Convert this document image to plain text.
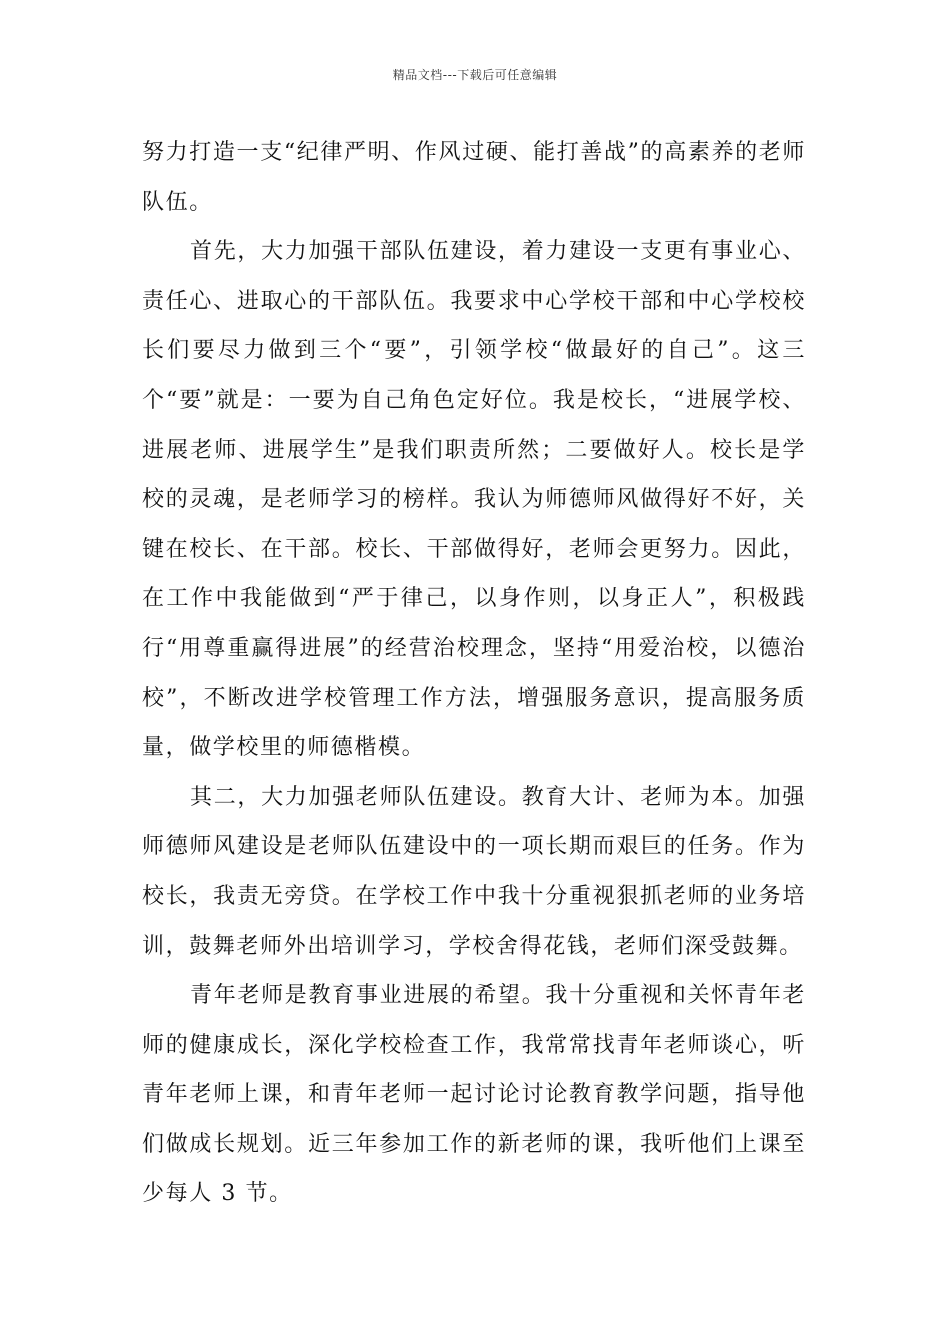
精品文档---下载后可任意编辑

努力打造一支“纪律严明、作风过硬、能打善战”的高素养的老师队伍。

首先，大力加强干部队伍建设，着力建设一支更有事业心、责任心、进取心的干部队伍。我要求中心学校干部和中心学校校长们要尽力做到三个“要”，引领学校“做最好的自己”。这三个“要”就是：一要为自己角色定好位。我是校长，“进展学校、进展老师、进展学生”是我们职责所然；二要做好人。校长是学校的灵魂，是老师学习的榜样。我认为师德师风做得好不好，关键在校长、在干部。校长、干部做得好，老师会更努力。因此，在工作中我能做到“严于律己，以身作则，以身正人”，积极践行“用尊重赢得进展”的经营治校理念，坚持“用爱治校，以德治校”，不断改进学校管理工作方法，增强服务意识，提高服务质量，做学校里的师德楷模。

其二，大力加强老师队伍建设。教育大计、老师为本。加强师德师风建设是老师队伍建设中的一项长期而艰巨的任务。作为校长，我责无旁贷。在学校工作中我十分重视狠抓老师的业务培训，鼓舞老师外出培训学习，学校舍得花钱，老师们深受鼓舞。

青年老师是教育事业进展的希望。我十分重视和关怀青年老师的健康成长，深化学校检查工作，我常常找青年老师谈心，听青年老师上课，和青年老师一起讨论讨论教育教学问题，指导他们做成长规划。近三年参加工作的新老师的课，我听他们上课至少每人 3 节。
